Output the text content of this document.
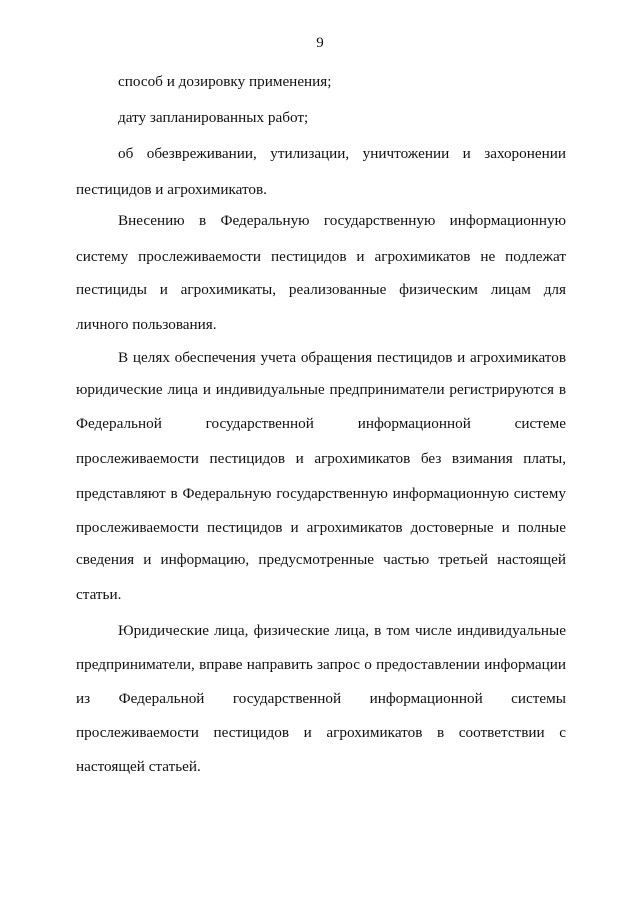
9
способ и дозировку применения;
дату запланированных работ;
об обезвреживании, утилизации, уничтожении и захоронении
пестицидов и агрохимикатов.
Внесению в Федеральную государственную информационную
систему прослеживаемости пестицидов и агрохимикатов не подлежат
пестициды и агрохимикаты, реализованные физическим лицам для
личного пользования.
В целях обеспечения учета обращения пестицидов и агрохимикатов
юридические лица и индивидуальные предприниматели регистрируются в
Федеральной государственной информационной системе
прослеживаемости пестицидов и агрохимикатов без взимания платы,
представляют в Федеральную государственную информационную систему
прослеживаемости пестицидов и агрохимикатов достоверные и полные
сведения и информацию, предусмотренные частью третьей настоящей
статьи.
Юридические лица, физические лица, в том числе индивидуальные
предприниматели, вправе направить запрос о предоставлении информации
из Федеральной государственной информационной системы
прослеживаемости пестицидов и агрохимикатов в соответствии с
настоящей статьей.
